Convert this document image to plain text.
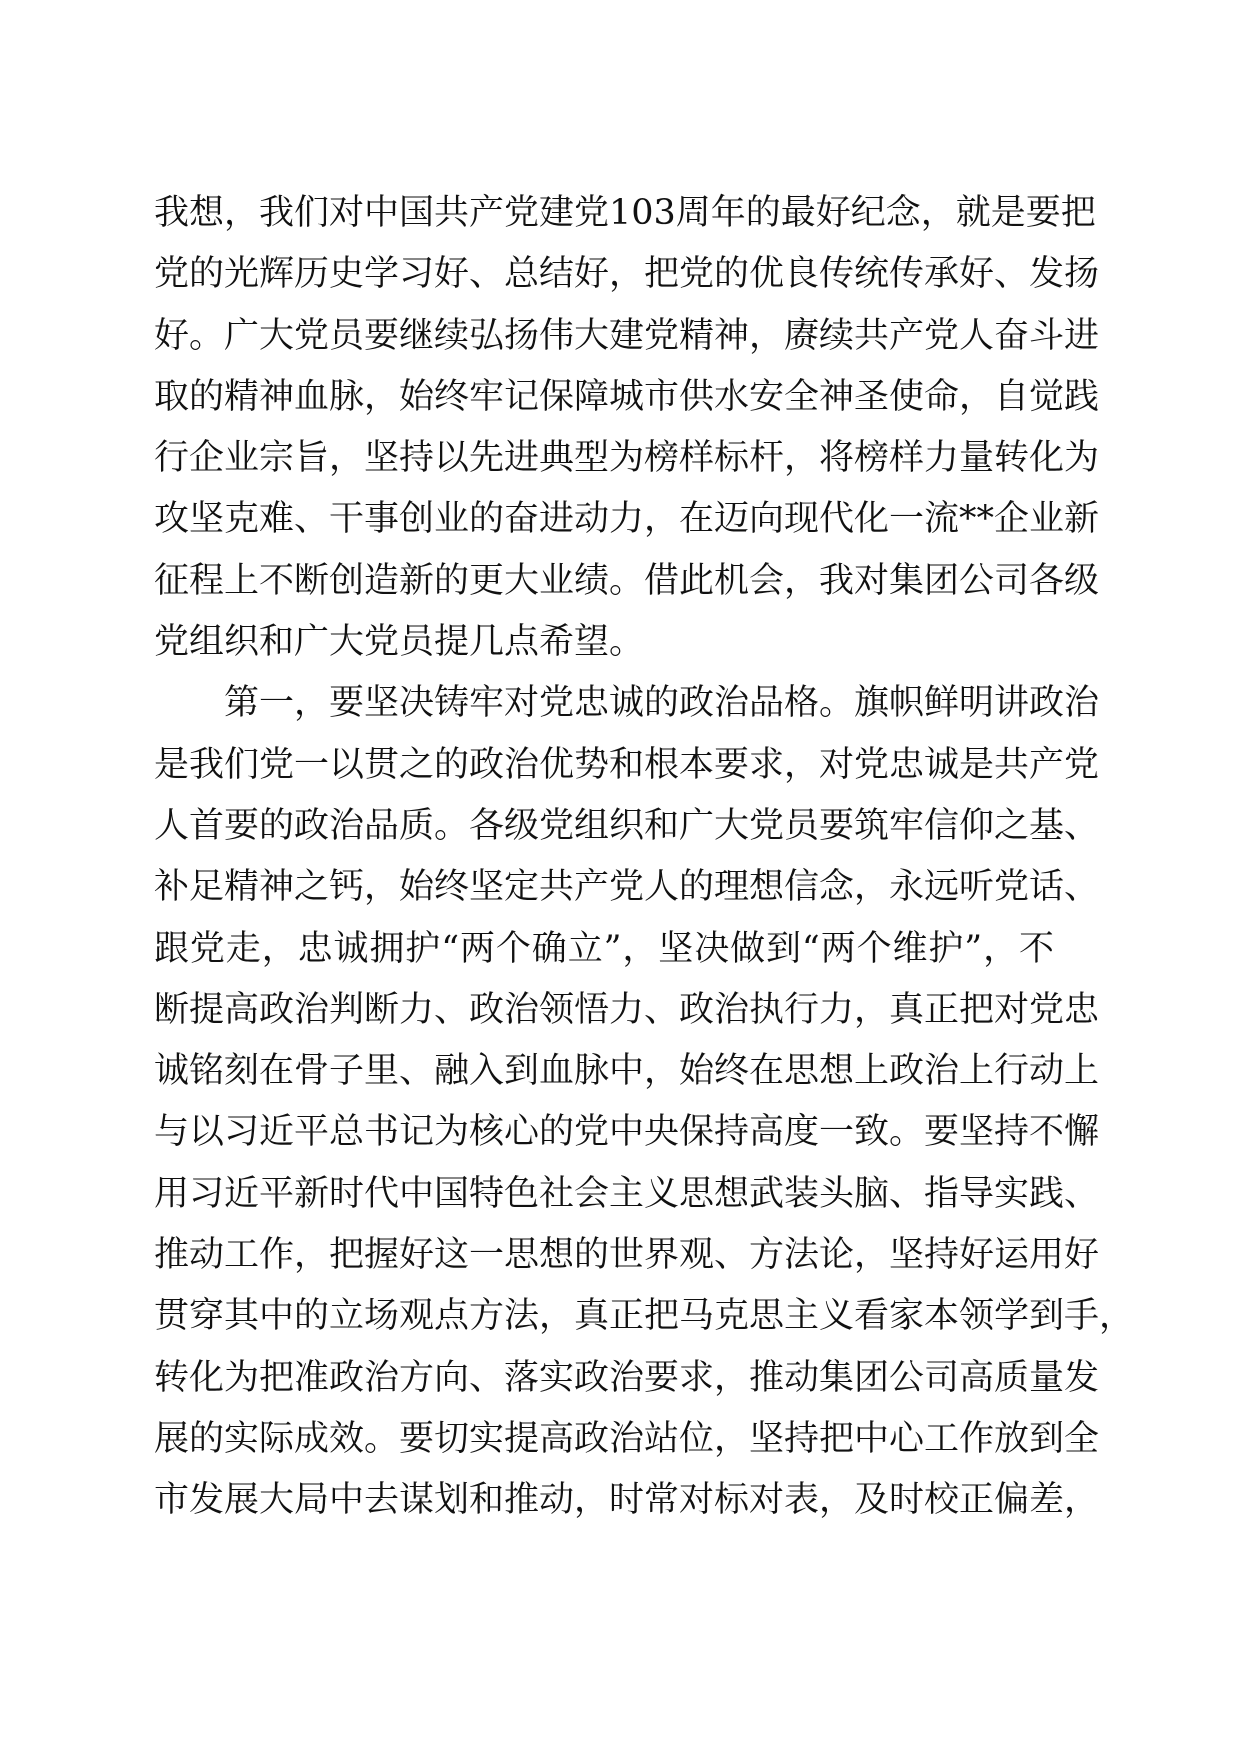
我想，我们对中国共产党建党103周年的最好纪念，就是要把
党的光辉历史学习好、总结好，把党的优良传统传承好、发扬
好。广大党员要继续弘扬伟大建党精神，赓续共产党人奋斗进
取的精神血脉，始终牢记保障城市供水安全神圣使命，自觉践
行企业宗旨，坚持以先进典型为榜样标杆，将榜样力量转化为
攻坚克难、干事创业的奋进动力，在迈向现代化一流**企业新
征程上不断创造新的更大业绩。借此机会，我对集团公司各级
党组织和广大党员提几点希望。
第一，要坚决铸牢对党忠诚的政治品格。旗帜鲜明讲政治
是我们党一以贯之的政治优势和根本要求，对党忠诚是共产党
人首要的政治品质。各级党组织和广大党员要筑牢信仰之基、
补足精神之钙，始终坚定共产党人的理想信念，永远听党话、
跟党走，忠诚拥护“两个确立”，坚决做到“两个维护”，不
断提高政治判断力、政治领悟力、政治执行力，真正把对党忠
诚铭刻在骨子里、融入到血脉中，始终在思想上政治上行动上
与以习近平总书记为核心的党中央保持高度一致。要坚持不懈
用习近平新时代中国特色社会主义思想武装头脑、指导实践、
推动工作，把握好这一思想的世界观、方法论，坚持好运用好
贯穿其中的立场观点方法，真正把马克思主义看家本领学到手，
转化为把准政治方向、落实政治要求，推动集团公司高质量发
展的实际成效。要切实提高政治站位，坚持把中心工作放到全
市发展大局中去谋划和推动，时常对标对表，及时校正偏差，
